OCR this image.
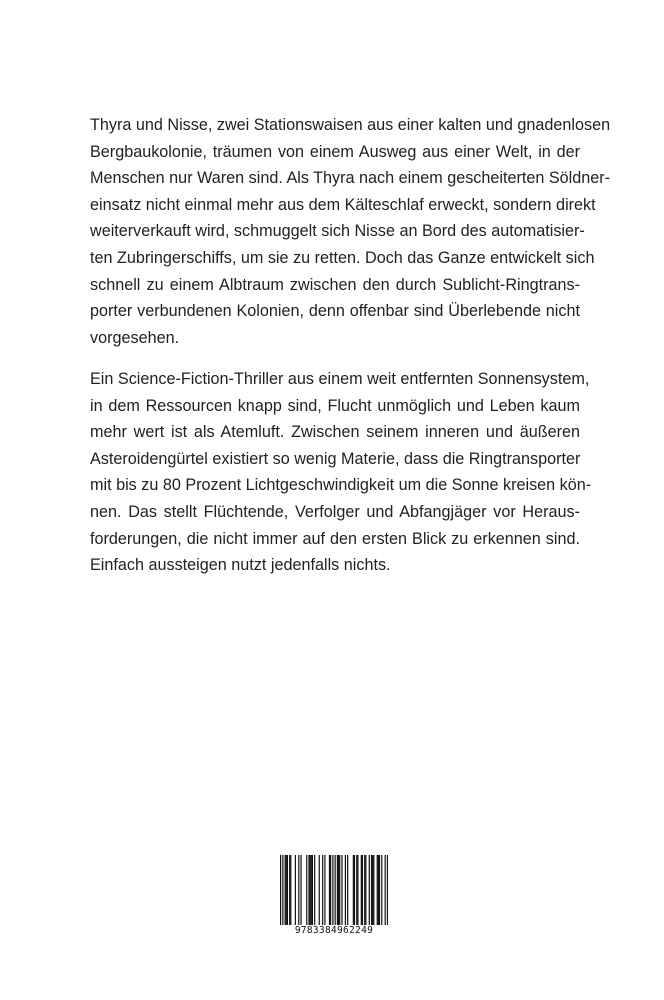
Thyra und Nisse, zwei Stationswaisen aus einer kalten und gnadenlosen
Bergbaukolonie, träumen von einem Ausweg aus einer Welt, in der
Menschen nur Waren sind. Als Thyra nach einem gescheiterten Söldner-
einsatz nicht einmal mehr aus dem Kälteschlaf erweckt, sondern direkt
weiterverkauft wird, schmuggelt sich Nisse an Bord des automatisier-
ten Zubringerschiffs, um sie zu retten. Doch das Ganze entwickelt sich
schnell zu einem Albtraum zwischen den durch Sublicht-Ringtrans-
porter verbundenen Kolonien, denn offenbar sind Überlebende nicht
vorgesehen.

Ein Science-Fiction-Thriller aus einem weit entfernten Sonnensystem,
in dem Ressourcen knapp sind, Flucht unmöglich und Leben kaum
mehr wert ist als Atemluft. Zwischen seinem inneren und äußeren
Asteroidengürtel existiert so wenig Materie, dass die Ringtransporter
mit bis zu 80 Prozent Lichtgeschwindigkeit um die Sonne kreisen kön-
nen. Das stellt Flüchtende, Verfolger und Abfangjäger vor Heraus-
forderungen, die nicht immer auf den ersten Blick zu erkennen sind.
Einfach aussteigen nutzt jedenfalls nichts.

9783384962249
